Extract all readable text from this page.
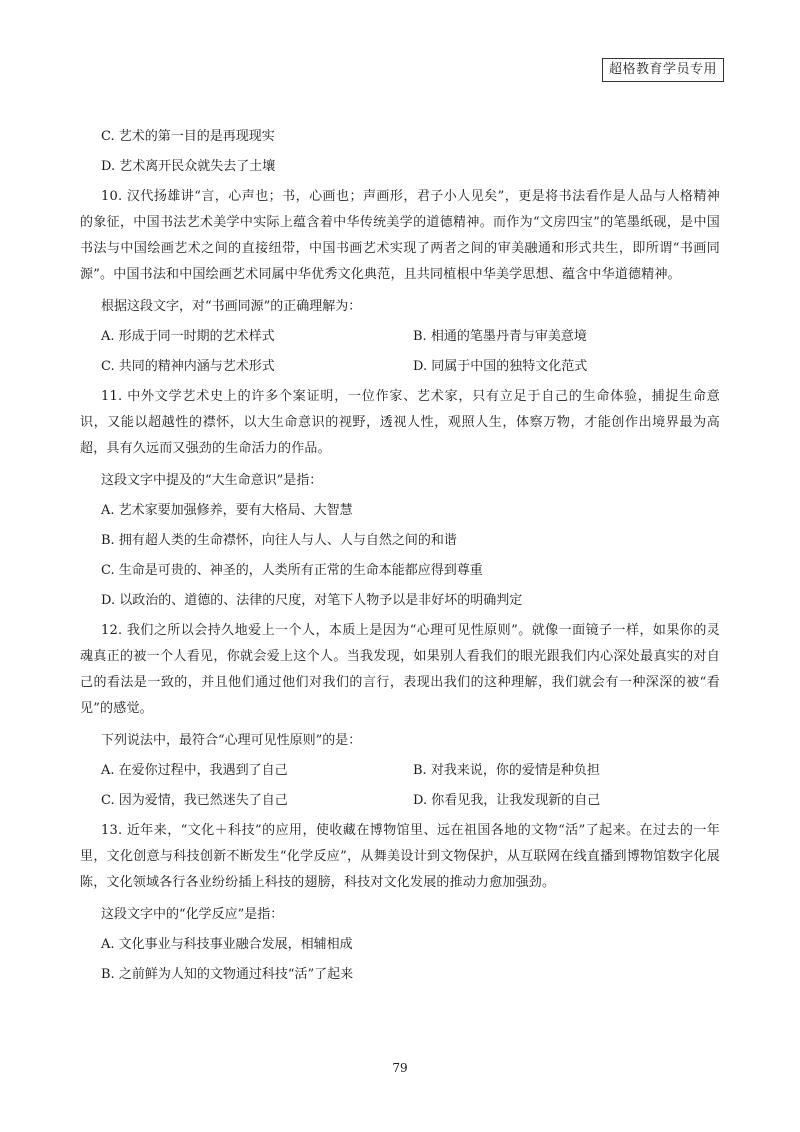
超格教育学员专用

C. 艺术的第一目的是再现现实

D. 艺术离开民众就失去了土壤

10. 汉代扬雄讲“言，心声也；书，心画也；声画形，君子小人见矣”，更是将书法看作是人品与人格精神的象征，中国书法艺术美学中实际上蕴含着中华传统美学的道德精神。而作为“文房四宝”的笔墨纸砚，是中国书法与中国绘画艺术之间的直接纽带，中国书画艺术实现了两者之间的审美融通和形式共生，即所谓“书画同源”。中国书法和中国绘画艺术同属中华优秀文化典范，且共同植根中华美学思想、蕴含中华道德精神。

根据这段文字，对“书画同源”的正确理解为：

A. 形成于同一时期的艺术样式	B. 相通的笔墨丹青与审美意境
C. 共同的精神内涵与艺术形式	D. 同属于中国的独特文化范式

11. 中外文学艺术史上的许多个案证明，一位作家、艺术家，只有立足于自己的生命体验，捕捉生命意识，又能以超越性的襟怀，以大生命意识的视野，透视人性，观照人生，体察万物，才能创作出境界最为高超，具有久远而又强劲的生命活力的作品。

这段文字中提及的“大生命意识”是指：

A. 艺术家要加强修养，要有大格局、大智慧

B. 拥有超人类的生命襟怀，向往人与人、人与自然之间的和谐

C. 生命是可贵的、神圣的，人类所有正常的生命本能都应得到尊重

D. 以政治的、道德的、法律的尺度，对笔下人物予以是非好坏的明确判定

12. 我们之所以会持久地爱上一个人，本质上是因为“心理可见性原则”。就像一面镜子一样，如果你的灵魂真正的被一个人看见，你就会爱上这个人。当我发现，如果别人看我们的眼光跟我们内心深处最真实的对自己的看法是一致的，并且他们通过他们对我们的言行，表现出我们的这种理解，我们就会有一种深深的被“看见”的感觉。

下列说法中，最符合“心理可见性原则”的是：

A. 在爱你过程中，我遇到了自己	B. 对我来说，你的爱情是种负担
C. 因为爱情，我已然迷失了自己	D. 你看见我，让我发现新的自己

13. 近年来，“文化＋科技”的应用，使收藏在博物馆里、远在祖国各地的文物“活”了起来。在过去的一年里，文化创意与科技创新不断发生“化学反应”，从舞美设计到文物保护，从互联网在线直播到博物馆数字化展陈，文化领域各行各业纷纷插上科技的翅膀，科技对文化发展的推动力愈加强劲。

这段文字中的“化学反应”是指：

A. 文化事业与科技事业融合发展，相辅相成

B. 之前鲜为人知的文物通过科技“活”了起来

79
